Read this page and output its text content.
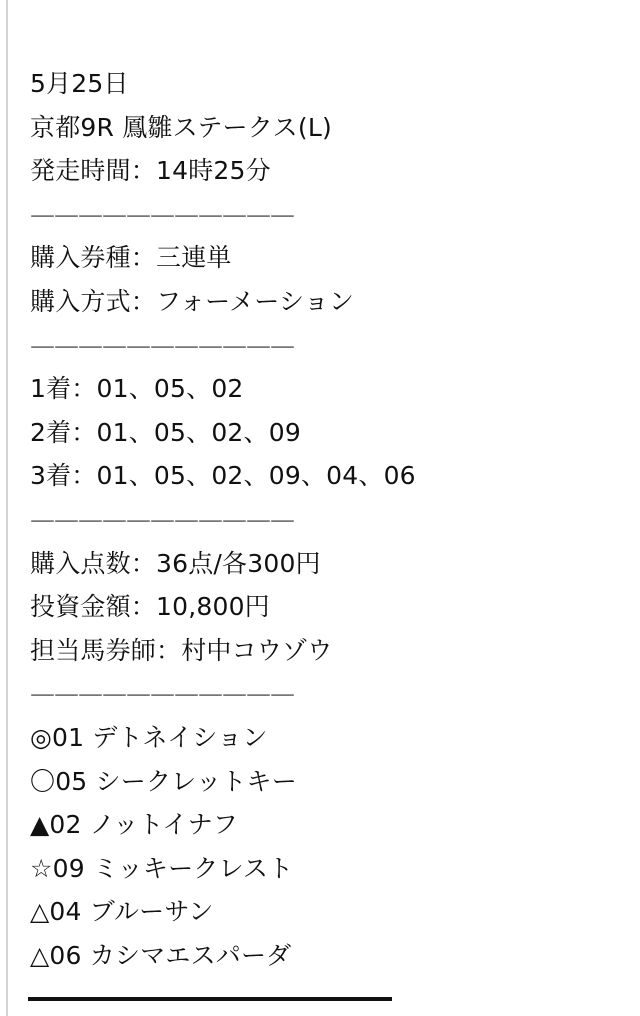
5月25日
京都9R 鳳雛ステークス(L)
発走時間：14時25分
———————————
購入券種：三連単
購入方式：フォーメーション
———————————
1着：01、05、02
2着：01、05、02、09
3着：01、05、02、09、04、06
———————————
購入点数：36点/各300円
投資金額：10,800円
担当馬券師：村中コウゾウ
———————————
◎01 デトネイション
〇05 シークレットキー
▲02 ノットイナフ
☆09 ミッキークレスト
△04 ブルーサン
△06 カシマエスパーダ
